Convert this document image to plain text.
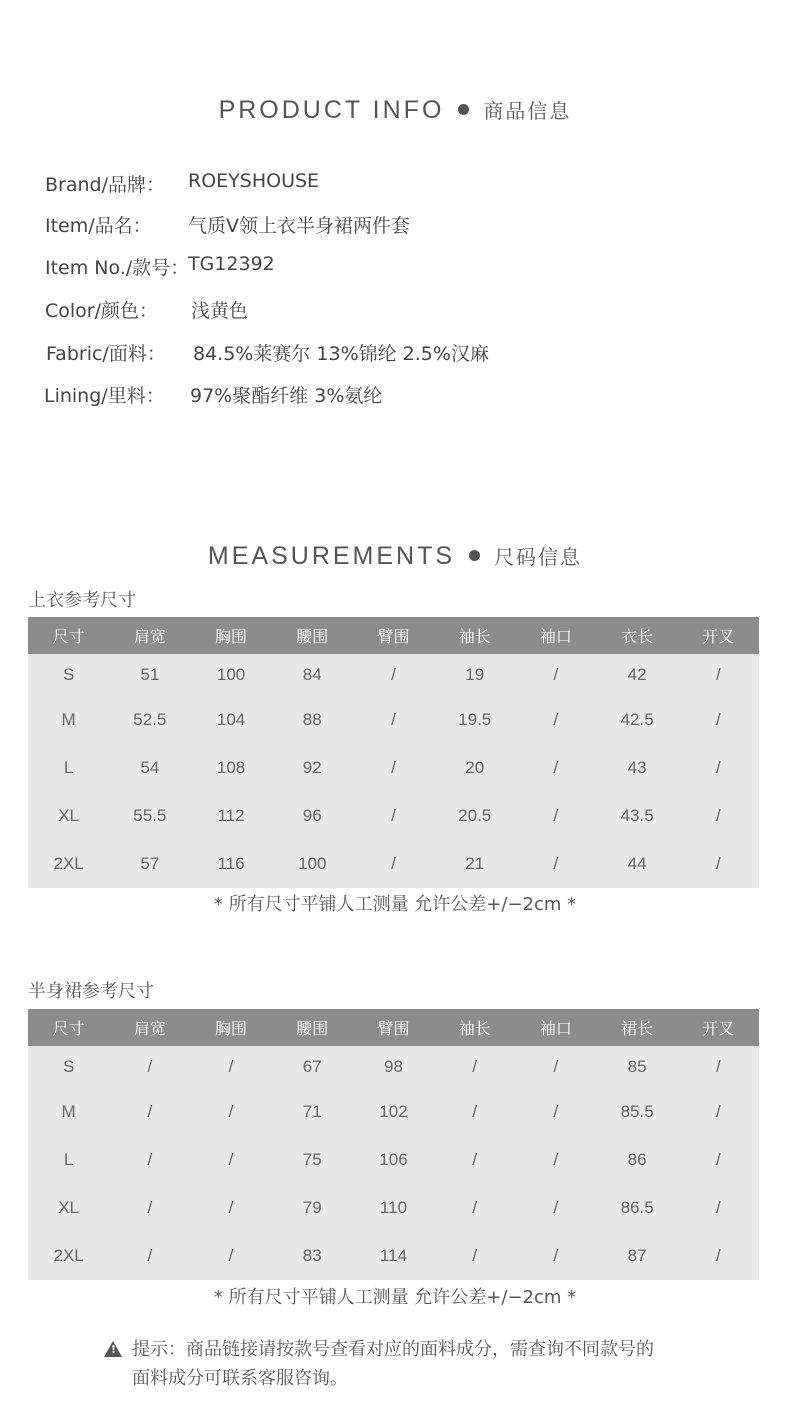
PRODUCT INFO 商品信息
Brand/品牌： ROEYSHOUSE
Item/品名： 气质V领上衣半身裙两件套
Item No./款号：
TG12392
Color/颜色： 浅黄色
Fabric/面料： 84.5%莱赛尔 13%锦纶 2.5%汉麻
Lining/里料： 97%聚酯纤维 3%氨纶
MEASUREMENTS 尺码信息
上衣参考尺寸
尺寸	肩宽	胸围	腰围	臂围	袖长	袖口	衣长	开叉
S	51	100	84	/	19	/	42	/
M	52.5	104	88	/	19.5	/	42.5	/
L	54	108	92	/	20	/	43	/
XL	55.5	112	96	/	20.5	/	43.5	/
2XL	57	116	100	/	21	/	44	/
* 所有尺寸平铺人工测量 允许公差+/−2cm *
半身裙参考尺寸
尺寸	肩宽	胸围	腰围	臂围	袖长	袖口	裙长	开叉
S	/	/	67	98	/	/	85	/
M	/	/	71	102	/	/	85.5	/
L	/	/	75	106	/	/	86	/
XL	/	/	79	110	/	/	86.5	/
2XL	/	/	83	114	/	/	87	/
* 所有尺寸平铺人工测量 允许公差+/−2cm *
!
提示：商品链接请按款号查看对应的面料成分，需查询不同款号的
面料成分可联系客服咨询。
